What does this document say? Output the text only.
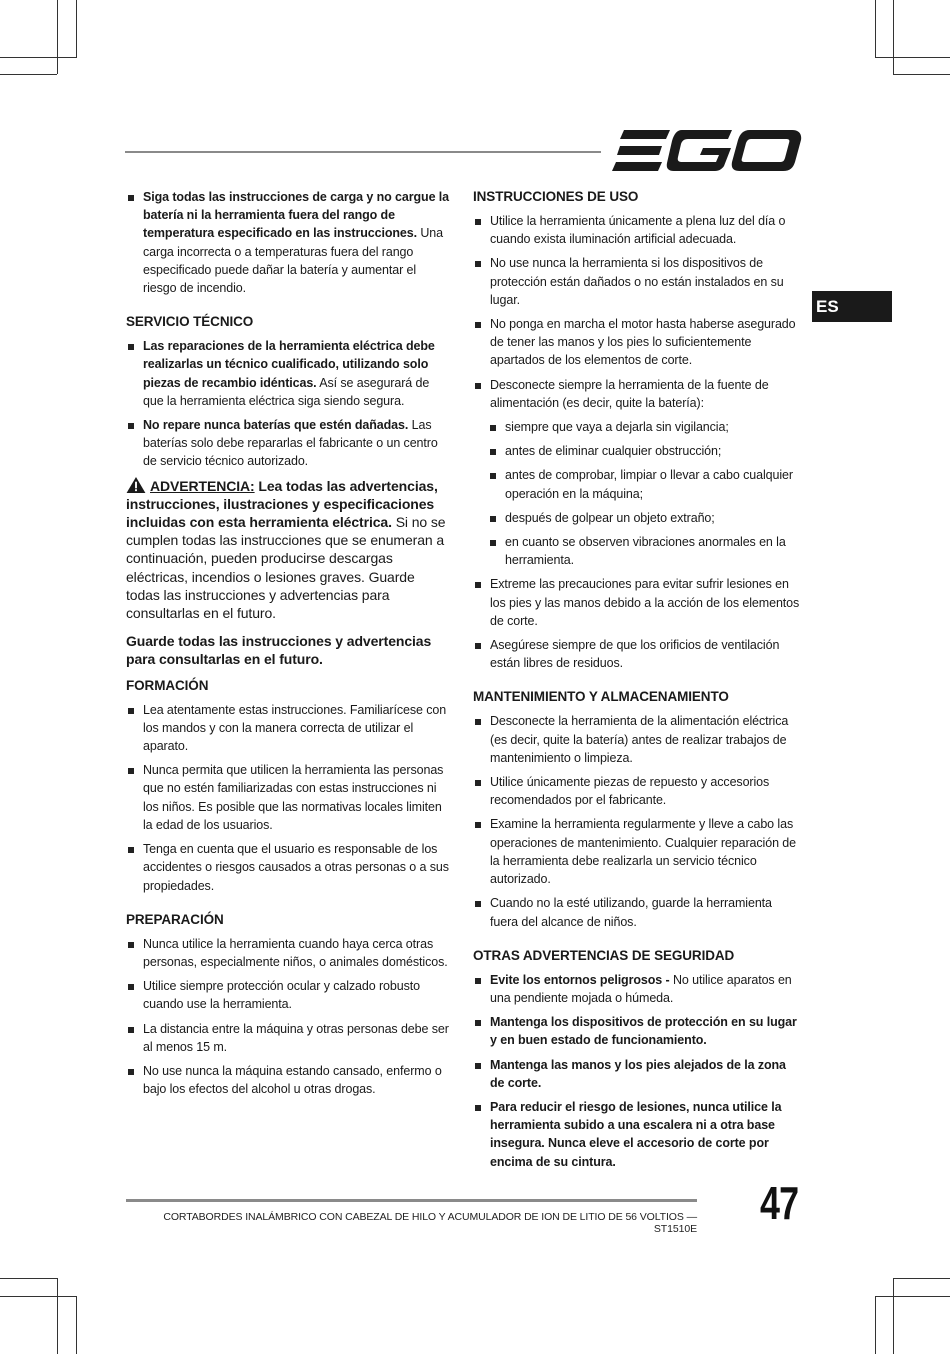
ES
Siga todas las instrucciones de carga y no cargue la batería ni la herramienta fuera del rango de temperatura especificado en las instrucciones. Una carga incorrecta o a temperaturas fuera del rango especificado puede dañar la batería y aumentar el riesgo de incendio.
SERVICIO TÉCNICO
Las reparaciones de la herramienta eléctrica debe realizarlas un técnico cualificado, utilizando solo piezas de recambio idénticas. Así se asegurará de que la herramienta eléctrica siga siendo segura.
No repare nunca baterías que estén dañadas. Las baterías solo debe repararlas el fabricante o un centro de servicio técnico autorizado.
ADVERTENCIA: Lea todas las advertencias, instrucciones, ilustraciones y especificaciones incluidas con esta herramienta eléctrica. Si no se cumplen todas las instrucciones que se enumeran a continuación, pueden producirse descargas eléctricas, incendios o lesiones graves. Guarde todas las instrucciones y advertencias para consultarlas en el futuro.
Guarde todas las instrucciones y advertencias para consultarlas en el futuro.
FORMACIÓN
Lea atentamente estas instrucciones. Familiarícese con los mandos y con la manera correcta de utilizar el aparato.
Nunca permita que utilicen la herramienta las personas que no estén familiarizadas con estas instrucciones ni los niños. Es posible que las normativas locales limiten la edad de los usuarios.
Tenga en cuenta que el usuario es responsable de los accidentes o riesgos causados a otras personas o a sus propiedades.
PREPARACIÓN
Nunca utilice la herramienta cuando haya cerca otras personas, especialmente niños, o animales domésticos.
Utilice siempre protección ocular y calzado robusto cuando use la herramienta.
La distancia entre la máquina y otras personas debe ser al menos 15 m.
No use nunca la máquina estando cansado, enfermo o bajo los efectos del alcohol u otras drogas.
INSTRUCCIONES DE USO
Utilice la herramienta únicamente a plena luz del día o cuando exista iluminación artificial adecuada.
No use nunca la herramienta si los dispositivos de protección están dañados o no están instalados en su lugar.
No ponga en marcha el motor hasta haberse asegurado de tener las manos y los pies lo suficientemente apartados de los elementos de corte.
Desconecte siempre la herramienta de la fuente de alimentación (es decir, quite la batería):
siempre que vaya a dejarla sin vigilancia;
antes de eliminar cualquier obstrucción;
antes de comprobar, limpiar o llevar a cabo cualquier operación en la máquina;
después de golpear un objeto extraño;
en cuanto se observen vibraciones anormales en la herramienta.
Extreme las precauciones para evitar sufrir lesiones en los pies y las manos debido a la acción de los elementos de corte.
Asegúrese siempre de que los orificios de ventilación están libres de residuos.
MANTENIMIENTO Y ALMACENAMIENTO
Desconecte la herramienta de la alimentación eléctrica (es decir, quite la batería) antes de realizar trabajos de mantenimiento o limpieza.
Utilice únicamente piezas de repuesto y accesorios recomendados por el fabricante.
Examine la herramienta regularmente y lleve a cabo las operaciones de mantenimiento. Cualquier reparación de la herramienta debe realizarla un servicio técnico autorizado.
Cuando no la esté utilizando, guarde la herramienta fuera del alcance de niños.
OTRAS ADVERTENCIAS DE SEGURIDAD
Evite los entornos peligrosos - No utilice aparatos en una pendiente mojada o húmeda.
Mantenga los dispositivos de protección en su lugar y en buen estado de funcionamiento.
Mantenga las manos y los pies alejados de la zona de corte.
Para reducir el riesgo de lesiones, nunca utilice la herramienta subido a una escalera ni a otra base insegura. Nunca eleve el accesorio de corte por encima de su cintura.
CORTABORDES INALÁMBRICO CON CABEZAL DE HILO Y ACUMULADOR DE ION DE LITIO DE 56 VOLTIOS — ST1510E 47
